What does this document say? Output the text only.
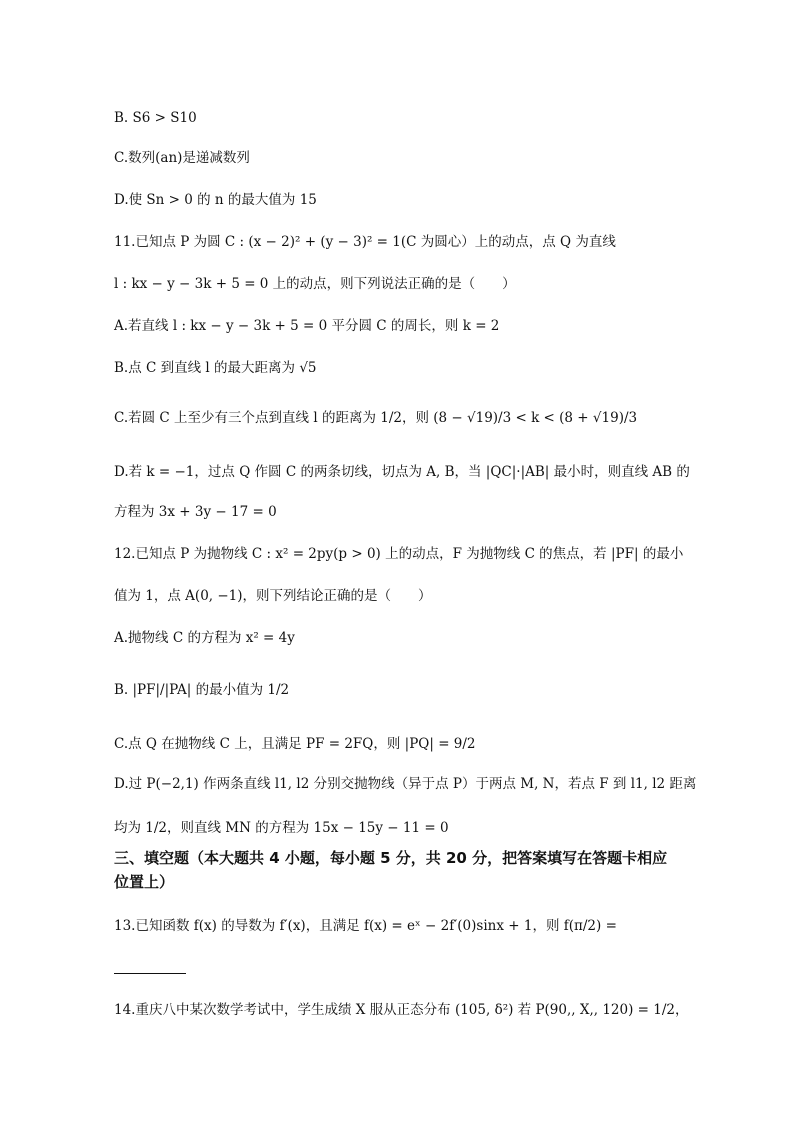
B. S6 > S10
C.数列(an)是递减数列
D.使 Sn > 0 的 n 的最大值为 15
11.已知点 P 为圆 C : (x − 2)² + (y − 3)² = 1(C 为圆心）上的动点，点 Q 为直线
l : kx − y − 3k + 5 = 0 上的动点，则下列说法正确的是（　　）
A.若直线 l : kx − y − 3k + 5 = 0 平分圆 C 的周长，则 k = 2
B.点 C 到直线 l 的最大距离为 √5
C.若圆 C 上至少有三个点到直线 l 的距离为 1/2，则 (8 − √19)/3 < k < (8 + √19)/3
D.若 k = −1，过点 Q 作圆 C 的两条切线，切点为 A, B，当 |QC|·|AB| 最小时，则直线 AB 的
方程为 3x + 3y − 17 = 0
12.已知点 P 为抛物线 C : x² = 2py(p > 0) 上的动点，F 为抛物线 C 的焦点，若 |PF| 的最小
值为 1，点 A(0, −1)，则下列结论正确的是（　　）
A.抛物线 C 的方程为 x² = 4y
B. |PF|/|PA| 的最小值为 1/2
C.点 Q 在抛物线 C 上，且满足 PF = 2FQ，则 |PQ| = 9/2
D.过 P(−2,1) 作两条直线 l1, l2 分别交抛物线（异于点 P）于两点 M, N，若点 F 到 l1, l2 距离
均为 1/2，则直线 MN 的方程为 15x − 15y − 11 = 0
三、填空题（本大题共 4 小题，每小题 5 分，共 20 分，把答案填写在答题卡相应
位置上）
13.已知函数 f(x) 的导数为 f′(x)，且满足 f(x) = eˣ − 2f′(0)sinx + 1，则 f(π/2) =
14.重庆八中某次数学考试中，学生成绩 X 服从正态分布 (105, δ²) 若 P(90,, X,, 120) = 1/2，
